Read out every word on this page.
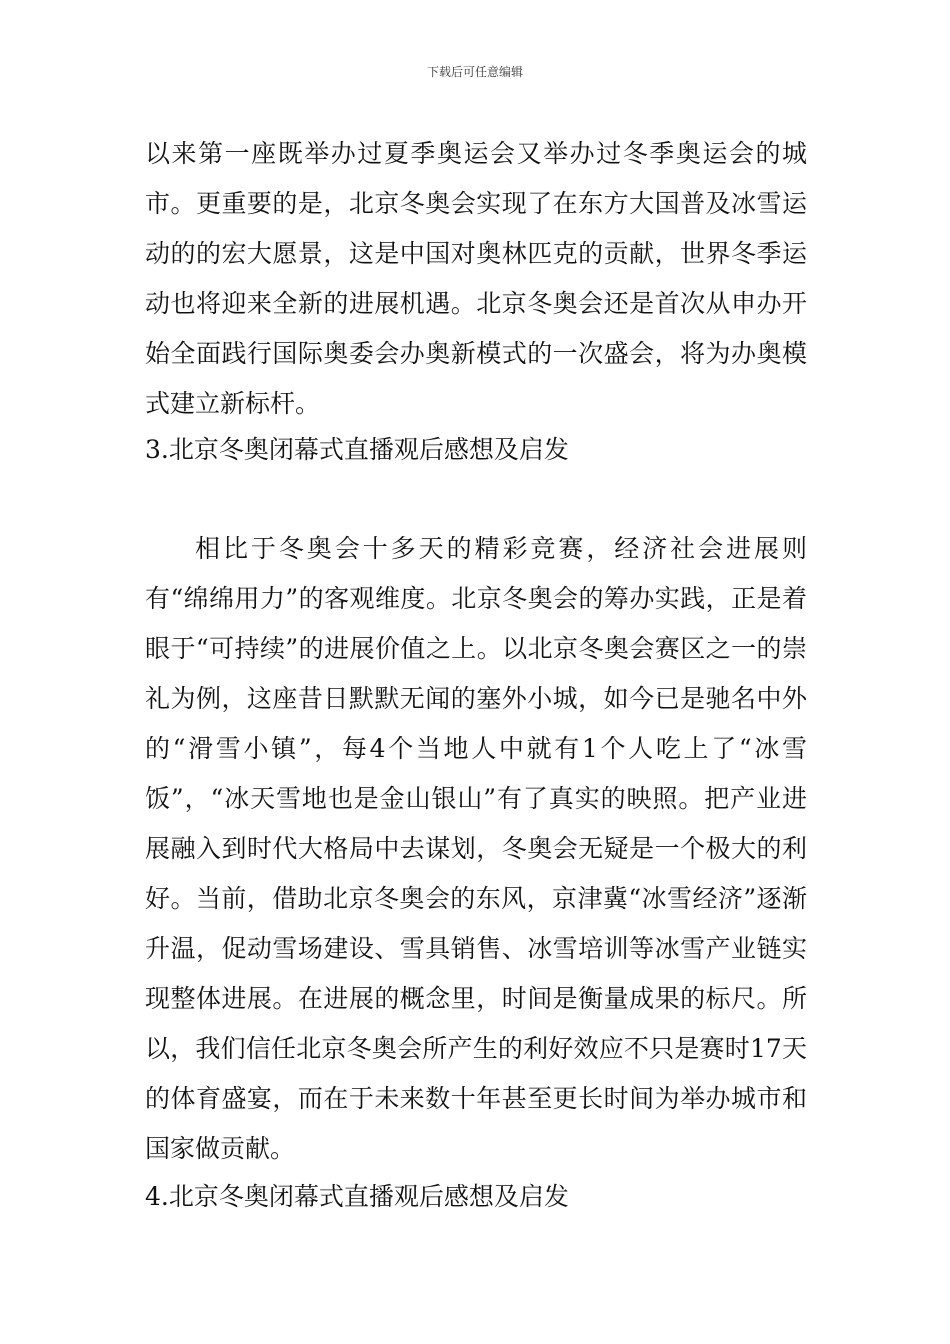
下载后可任意编辑

以来第一座既举办过夏季奥运会又举办过冬季奥运会的城市。更重要的是，北京冬奥会实现了在东方大国普及冰雪运动的的宏大愿景，这是中国对奥林匹克的贡献，世界冬季运动也将迎来全新的进展机遇。北京冬奥会还是首次从申办开始全面践行国际奥委会办奥新模式的一次盛会，将为办奥模式建立新标杆。

3.北京冬奥闭幕式直播观后感想及启发

相比于冬奥会十多天的精彩竞赛，经济社会进展则有“绵绵用力”的客观维度。北京冬奥会的筹办实践，正是着眼于“可持续”的进展价值之上。以北京冬奥会赛区之一的崇礼为例，这座昔日默默无闻的塞外小城，如今已是驰名中外的“滑雪小镇”，每4个当地人中就有1个人吃上了“冰雪饭”，“冰天雪地也是金山银山”有了真实的映照。把产业进展融入到时代大格局中去谋划，冬奥会无疑是一个极大的利好。当前，借助北京冬奥会的东风，京津冀“冰雪经济”逐渐升温，促动雪场建设、雪具销售、冰雪培训等冰雪产业链实现整体进展。在进展的概念里，时间是衡量成果的标尺。所以，我们信任北京冬奥会所产生的利好效应不只是赛时17天的体育盛宴，而在于未来数十年甚至更长时间为举办城市和国家做贡献。

4.北京冬奥闭幕式直播观后感想及启发
